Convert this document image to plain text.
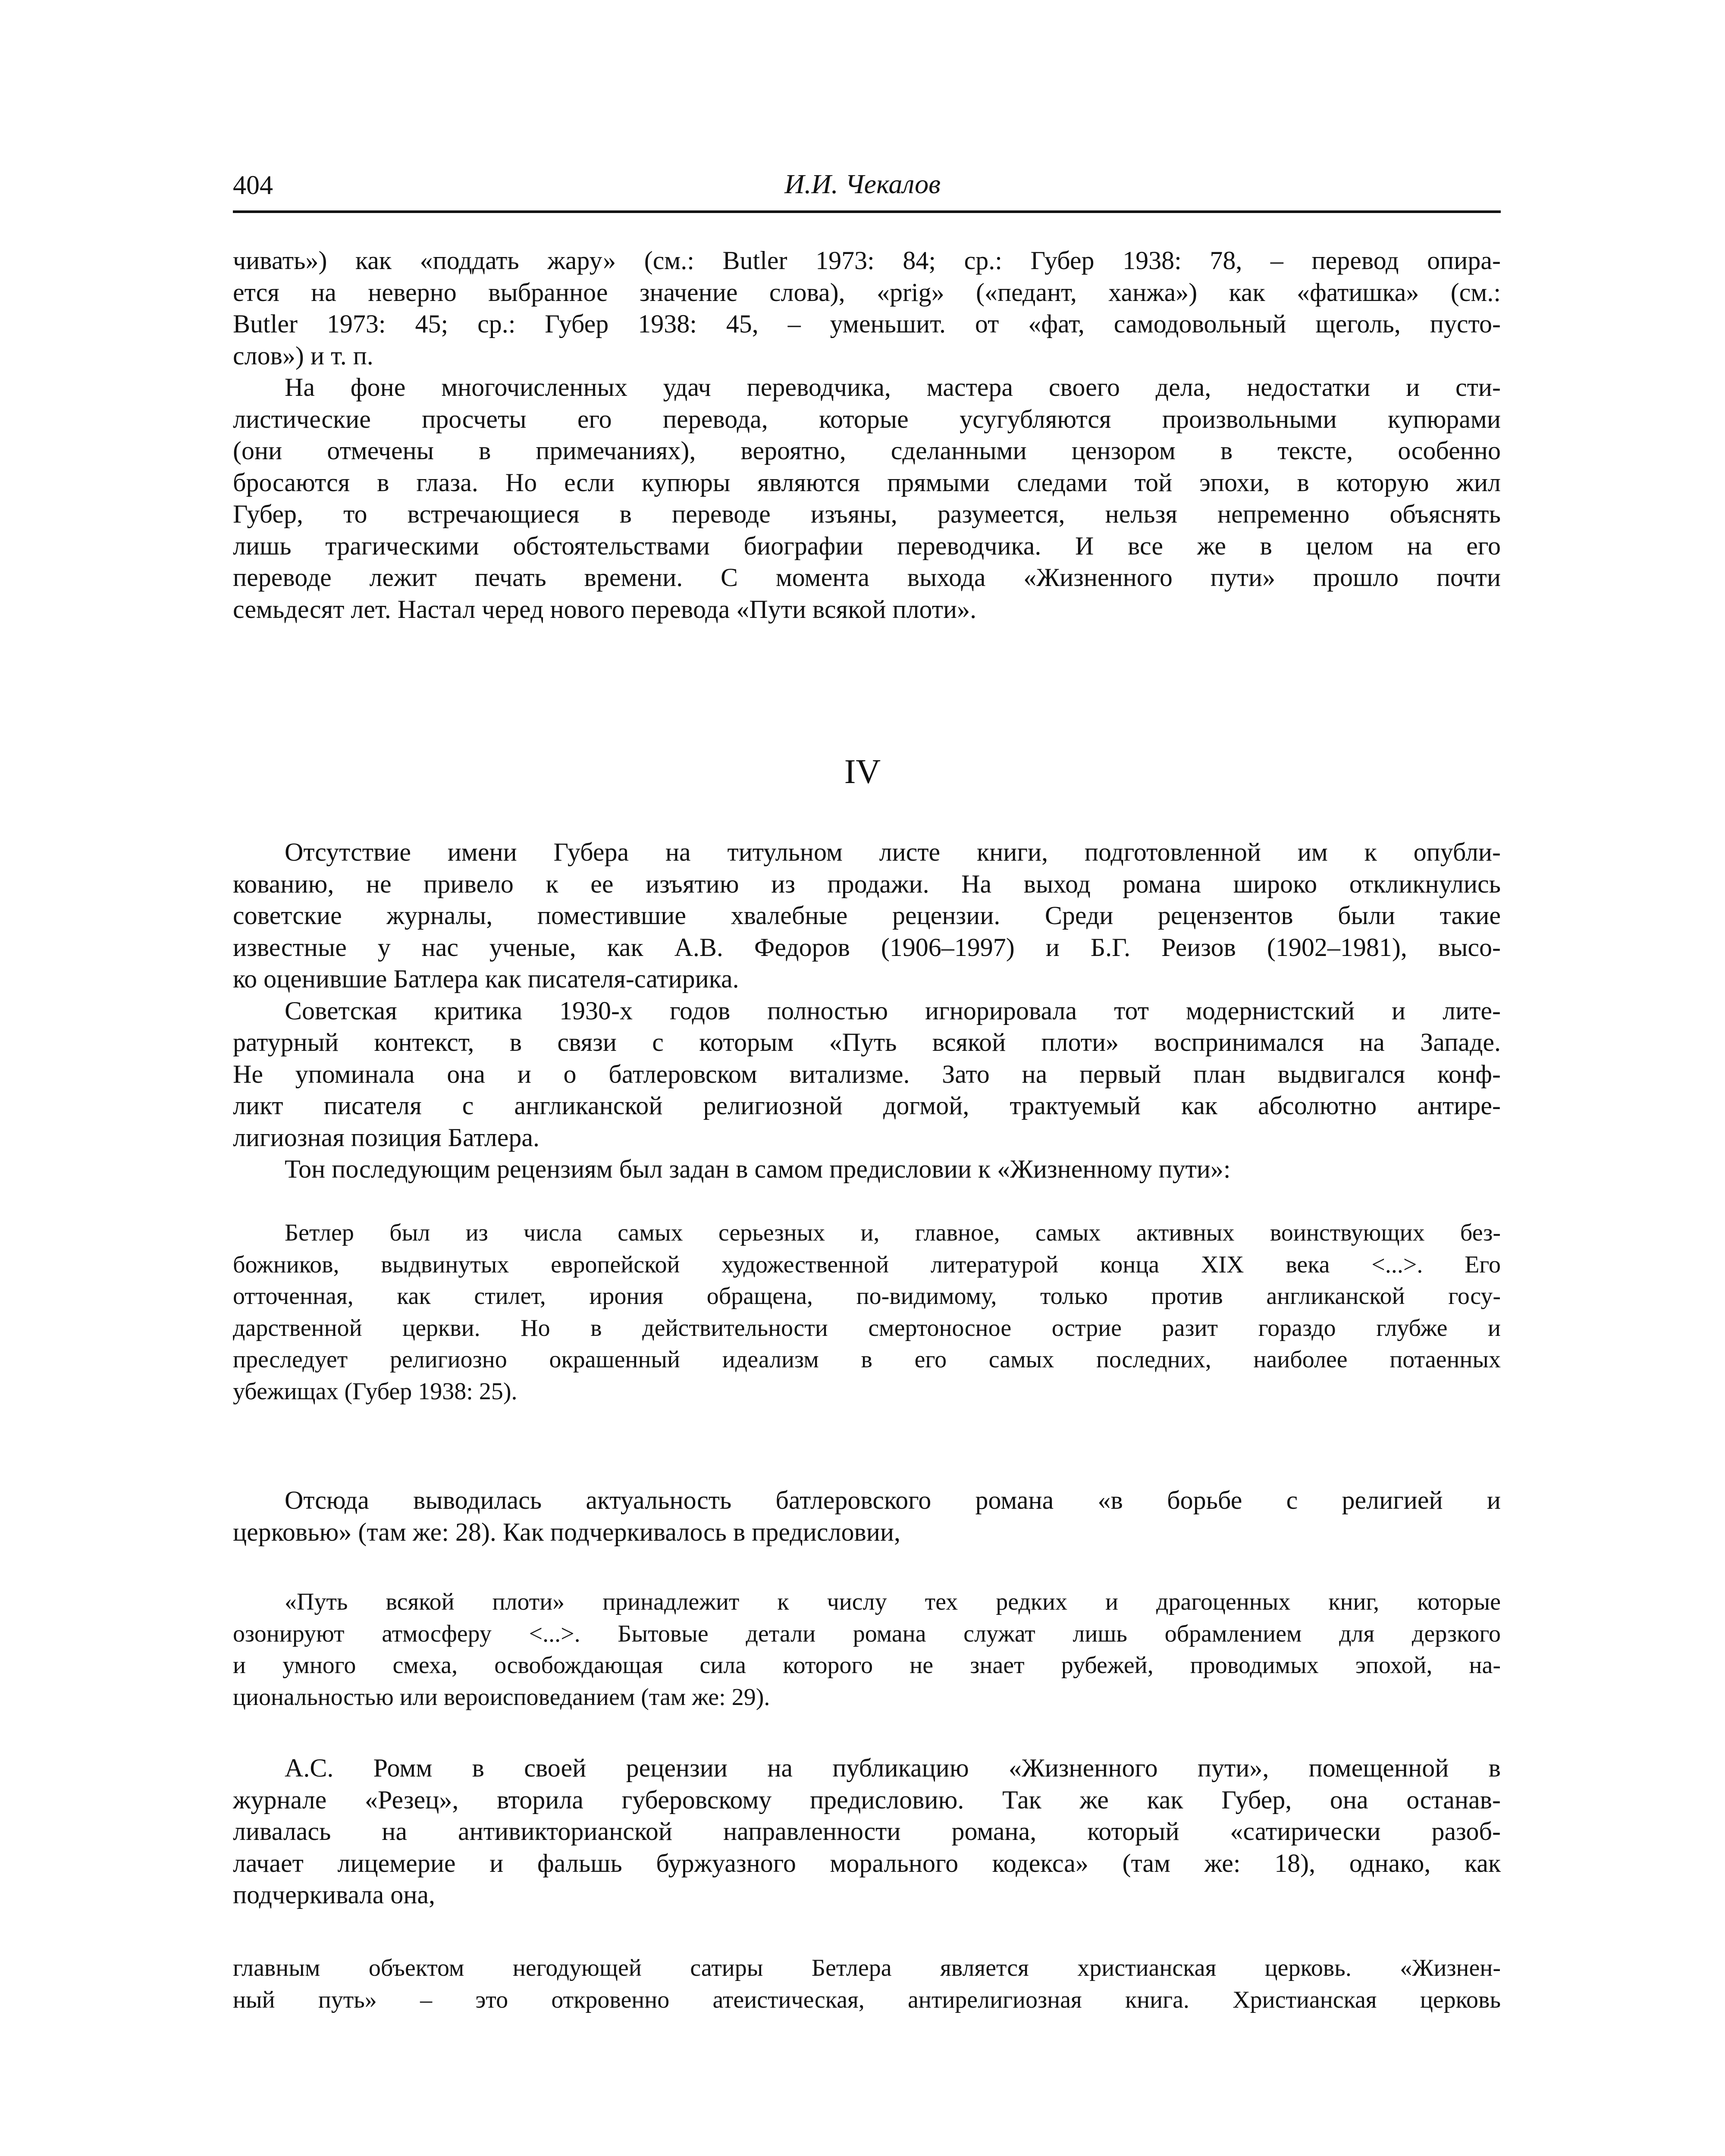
404	И.И. Чекалов
IV
чивать») как «поддать жару» (см.: Butler 1973: 84; ср.: Губер 1938: 78, – перевод опира-
ется на неверно выбранное значение слова), «prig» («педант, ханжа») как «фатишка» (см.:
Butler 1973: 45; ср.: Губер 1938: 45, – уменьшит. от «фат, самодовольный щеголь, пусто-
слов») и т. п.
На фоне многочисленных удач переводчика, мастера своего дела, недостатки и сти-
листические просчеты его перевода, которые усугубляются произвольными купюрами
(они отмечены в примечаниях), вероятно, сделанными цензором в тексте, особенно
бросаются в глаза. Но если купюры являются прямыми следами той эпохи, в которую жил
Губер, то встречающиеся в переводе изъяны, разумеется, нельзя непременно объяснять
лишь трагическими обстоятельствами биографии переводчика. И все же в целом на его
переводе лежит печать времени. С момента выхода «Жизненного пути» прошло почти
семьдесят лет. Настал черед нового перевода «Пути всякой плоти».
Отсутствие имени Губера на титульном листе книги, подготовленной им к опубли-
кованию, не привело к ее изъятию из продажи. На выход романа широко откликнулись
советские журналы, поместившие хвалебные рецензии. Среди рецензентов были такие
известные у нас ученые, как А.В. Федоров (1906–1997) и Б.Г. Реизов (1902–1981), высо-
ко оценившие Батлера как писателя-сатирика.
Советская критика 1930-х годов полностью игнорировала тот модернистский и лите-
ратурный контекст, в связи с которым «Путь всякой плоти» воспринимался на Западе.
Не упоминала она и о батлеровском витализме. Зато на первый план выдвигался конф-
ликт писателя с англиканской религиозной догмой, трактуемый как абсолютно антире-
лигиозная позиция Батлера.
Тон последующим рецензиям был задан в самом предисловии к «Жизненному пути»:
Бетлер был из числа самых серьезных и, главное, самых активных воинствующих без-
божников, выдвинутых европейской художественной литературой конца XIX века <...>. Его
отточенная, как стилет, ирония обращена, по-видимому, только против англиканской госу-
дарственной церкви. Но в действительности смертоносное острие разит гораздо глубже и
преследует религиозно окрашенный идеализм в его самых последних, наиболее потаенных
убежищах (Губер 1938: 25).
Отсюда выводилась актуальность батлеровского романа «в борьбе с религией и
церковью» (там же: 28). Как подчеркивалось в предисловии,
«Путь всякой плоти» принадлежит к числу тех редких и драгоценных книг, которые
озонируют атмосферу <...>. Бытовые детали романа служат лишь обрамлением для дерзкого
и умного смеха, освобождающая сила которого не знает рубежей, проводимых эпохой, на-
циональностью или вероисповеданием (там же: 29).
А.С. Ромм в своей рецензии на публикацию «Жизненного пути», помещенной в
журнале «Резец», вторила губеровскому предисловию. Так же как Губер, она останав-
ливалась на антивикторианской направленности романа, который «сатирически разоб-
лачает лицемерие и фальшь буржуазного морального кодекса» (там же: 18), однако, как
подчеркивала она,
главным объектом негодующей сатиры Бетлера является христианская церковь. «Жизнен-
ный путь» – это откровенно атеистическая, антирелигиозная книга. Христианская церковь
